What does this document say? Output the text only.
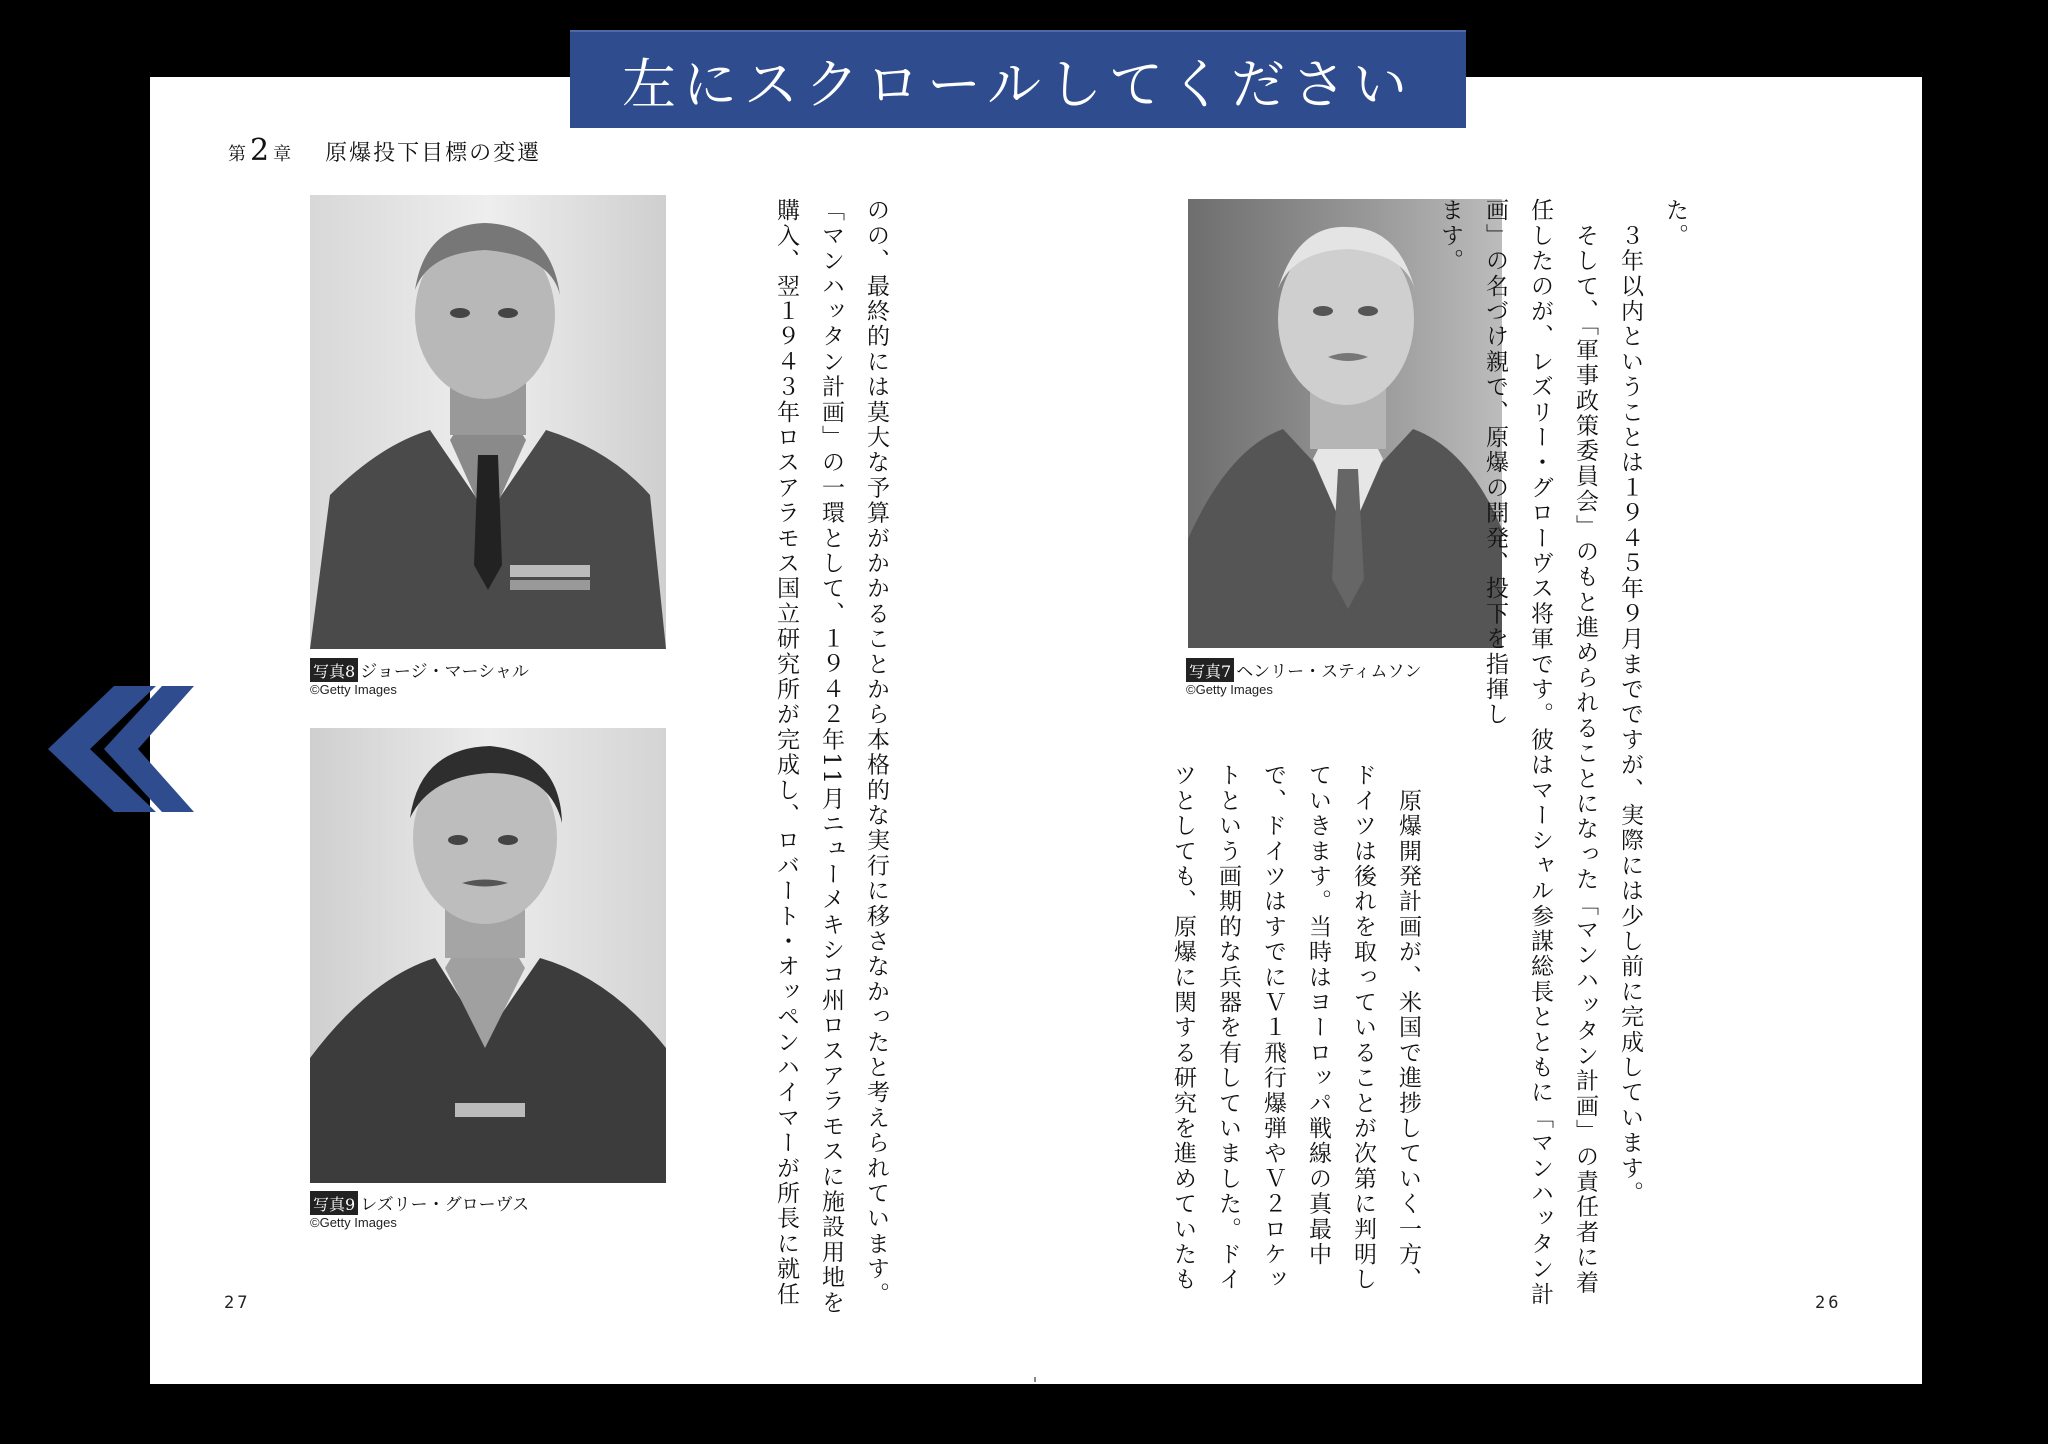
左にスクロールしてください
第 2 章 原爆投下目標の変遷
写真7 ヘンリー・スティムソン
©Getty Images
写真8 ジョージ・マーシャル
©Getty Images
写真9 レズリー・グローヴス
©Getty Images
た。
　３年以内ということは１９４５年９月までですが、実際には少し前に完成しています。
　そして、「軍事政策委員会」のもと進められることになった「マンハッタン計画」の責任者に着
任したのが、レズリー・グローヴス将軍です。彼はマーシャル参謀総長とともに「マンハッタン計
画」の名づけ親で、原爆の開発、投下を指揮し
ます。
　原爆開発計画が、米国で進捗していく一方、
ドイツは後れを取っていることが次第に判明し
ていきます。当時はヨーロッパ戦線の真最中
で、ドイツはすでにＶ１飛行爆弾やＶ２ロケッ
トという画期的な兵器を有していました。ドイ
ツとしても、原爆に関する研究を進めていたも
のの、最終的には莫大な予算がかかることから本格的な実行に移さなかったと考えられています。
「マンハッタン計画」の一環として、１９４２年11月ニューメキシコ州ロスアラモスに施設用地を
購入、翌１９４３年ロスアラモス国立研究所が完成し、ロバート・オッペンハイマーが所長に就任
27	26
